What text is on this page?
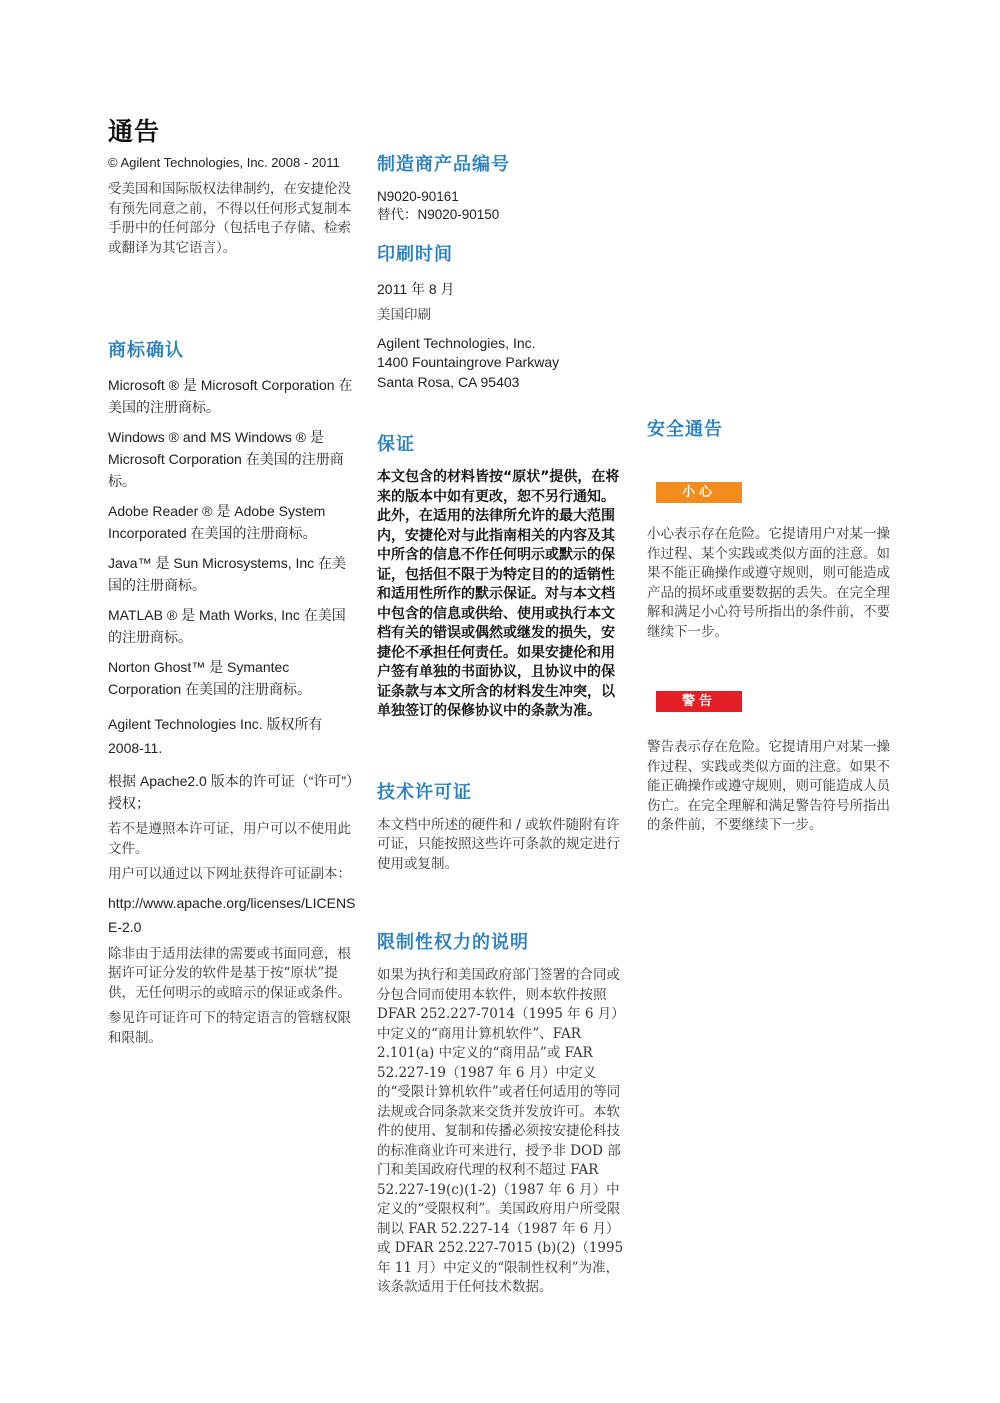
通告

© Agilent Technologies, Inc. 2008 - 2011

受美国和国际版权法律制约，在安捷伦没有预先同意之前，不得以任何形式复制本手册中的任何部分（包括电子存储、检索或翻译为其它语言）。

商标确认

Microsoft ® 是 Microsoft Corporation 在美国的注册商标。

Windows ® and MS Windows ® 是 Microsoft Corporation 在美国的注册商标。

Adobe Reader ® 是 Adobe System Incorporated 在美国的注册商标。

Java™ 是 Sun Microsystems, Inc 在美国的注册商标。

MATLAB ® 是 Math Works, Inc 在美国的注册商标。

Norton Ghost™ 是 Symantec Corporation 在美国的注册商标。

Agilent Technologies Inc. 版权所有 2008-11.

根据 Apache2.0 版本的许可证（“许可”）授权；

若不是遵照本许可证，用户可以不使用此文件。

用户可以通过以下网址获得许可证副本：

http://www.apache.org/licenses/LICENSE-2.0

除非由于适用法律的需要或书面同意，根据许可证分发的软件是基于按“原状”提供，无任何明示的或暗示的保证或条件。

参见许可证许可下的特定语言的管辖权限和限制。

制造商产品编号

N9020-90161

替代：N9020-90150

印刷时间

2011 年 8 月

美国印刷

Agilent Technologies, Inc.

1400 Fountaingrove Parkway

Santa Rosa, CA 95403

保证

本文包含的材料皆按“原状”提供，在将来的版本中如有更改，恕不另行通知。此外，在适用的法律所允许的最大范围内，安捷伦对与此指南相关的内容及其中所含的信息不作任何明示或默示的保证，包括但不限于为特定目的的适销性和适用性所作的默示保证。对与本文档中包含的信息或供给、使用或执行本文档有关的错误或偶然或继发的损失，安捷伦不承担任何责任。如果安捷伦和用户签有单独的书面协议，且协议中的保证条款与本文所含的材料发生冲突，以单独签订的保修协议中的条款为准。

技术许可证

本文档中所述的硬件和 / 或软件随附有许可证，只能按照这些许可条款的规定进行使用或复制。

限制性权力的说明

如果为执行和美国政府部门签署的合同或分包合同而使用本软件，则本软件按照 DFAR 252.227-7014（1995 年 6 月）中定义的“商用计算机软件”、FAR 2.101(a) 中定义的“商用品”或 FAR 52.227-19（1987 年 6 月）中定义的“受限计算机软件”或者任何适用的等同法规或合同条款来交货并发放许可。本软件的使用、复制和传播必须按安捷伦科技的标准商业许可来进行，授予非 DOD 部门和美国政府代理的权利不超过 FAR 52.227-19(c)(1-2)（1987 年 6 月）中定义的“受限权利”。美国政府用户所受限制以 FAR 52.227-14（1987 年 6 月）或 DFAR 252.227-7015 (b)(2)（1995 年 11 月）中定义的“限制性权利”为准，该条款适用于任何技术数据。

安全通告
小心

小心表示存在危险。它提请用户对某一操作过程、某个实践或类似方面的注意。如果不能正确操作或遵守规则，则可能造成产品的损坏或重要数据的丢失。在完全理解和满足小心符号所指出的条件前，不要继续下一步。

警告

警告表示存在危险。它提请用户对某一操作过程、实践或类似方面的注意。如果不能正确操作或遵守规则，则可能造成人员伤亡。在完全理解和满足警告符号所指出的条件前，不要继续下一步。
